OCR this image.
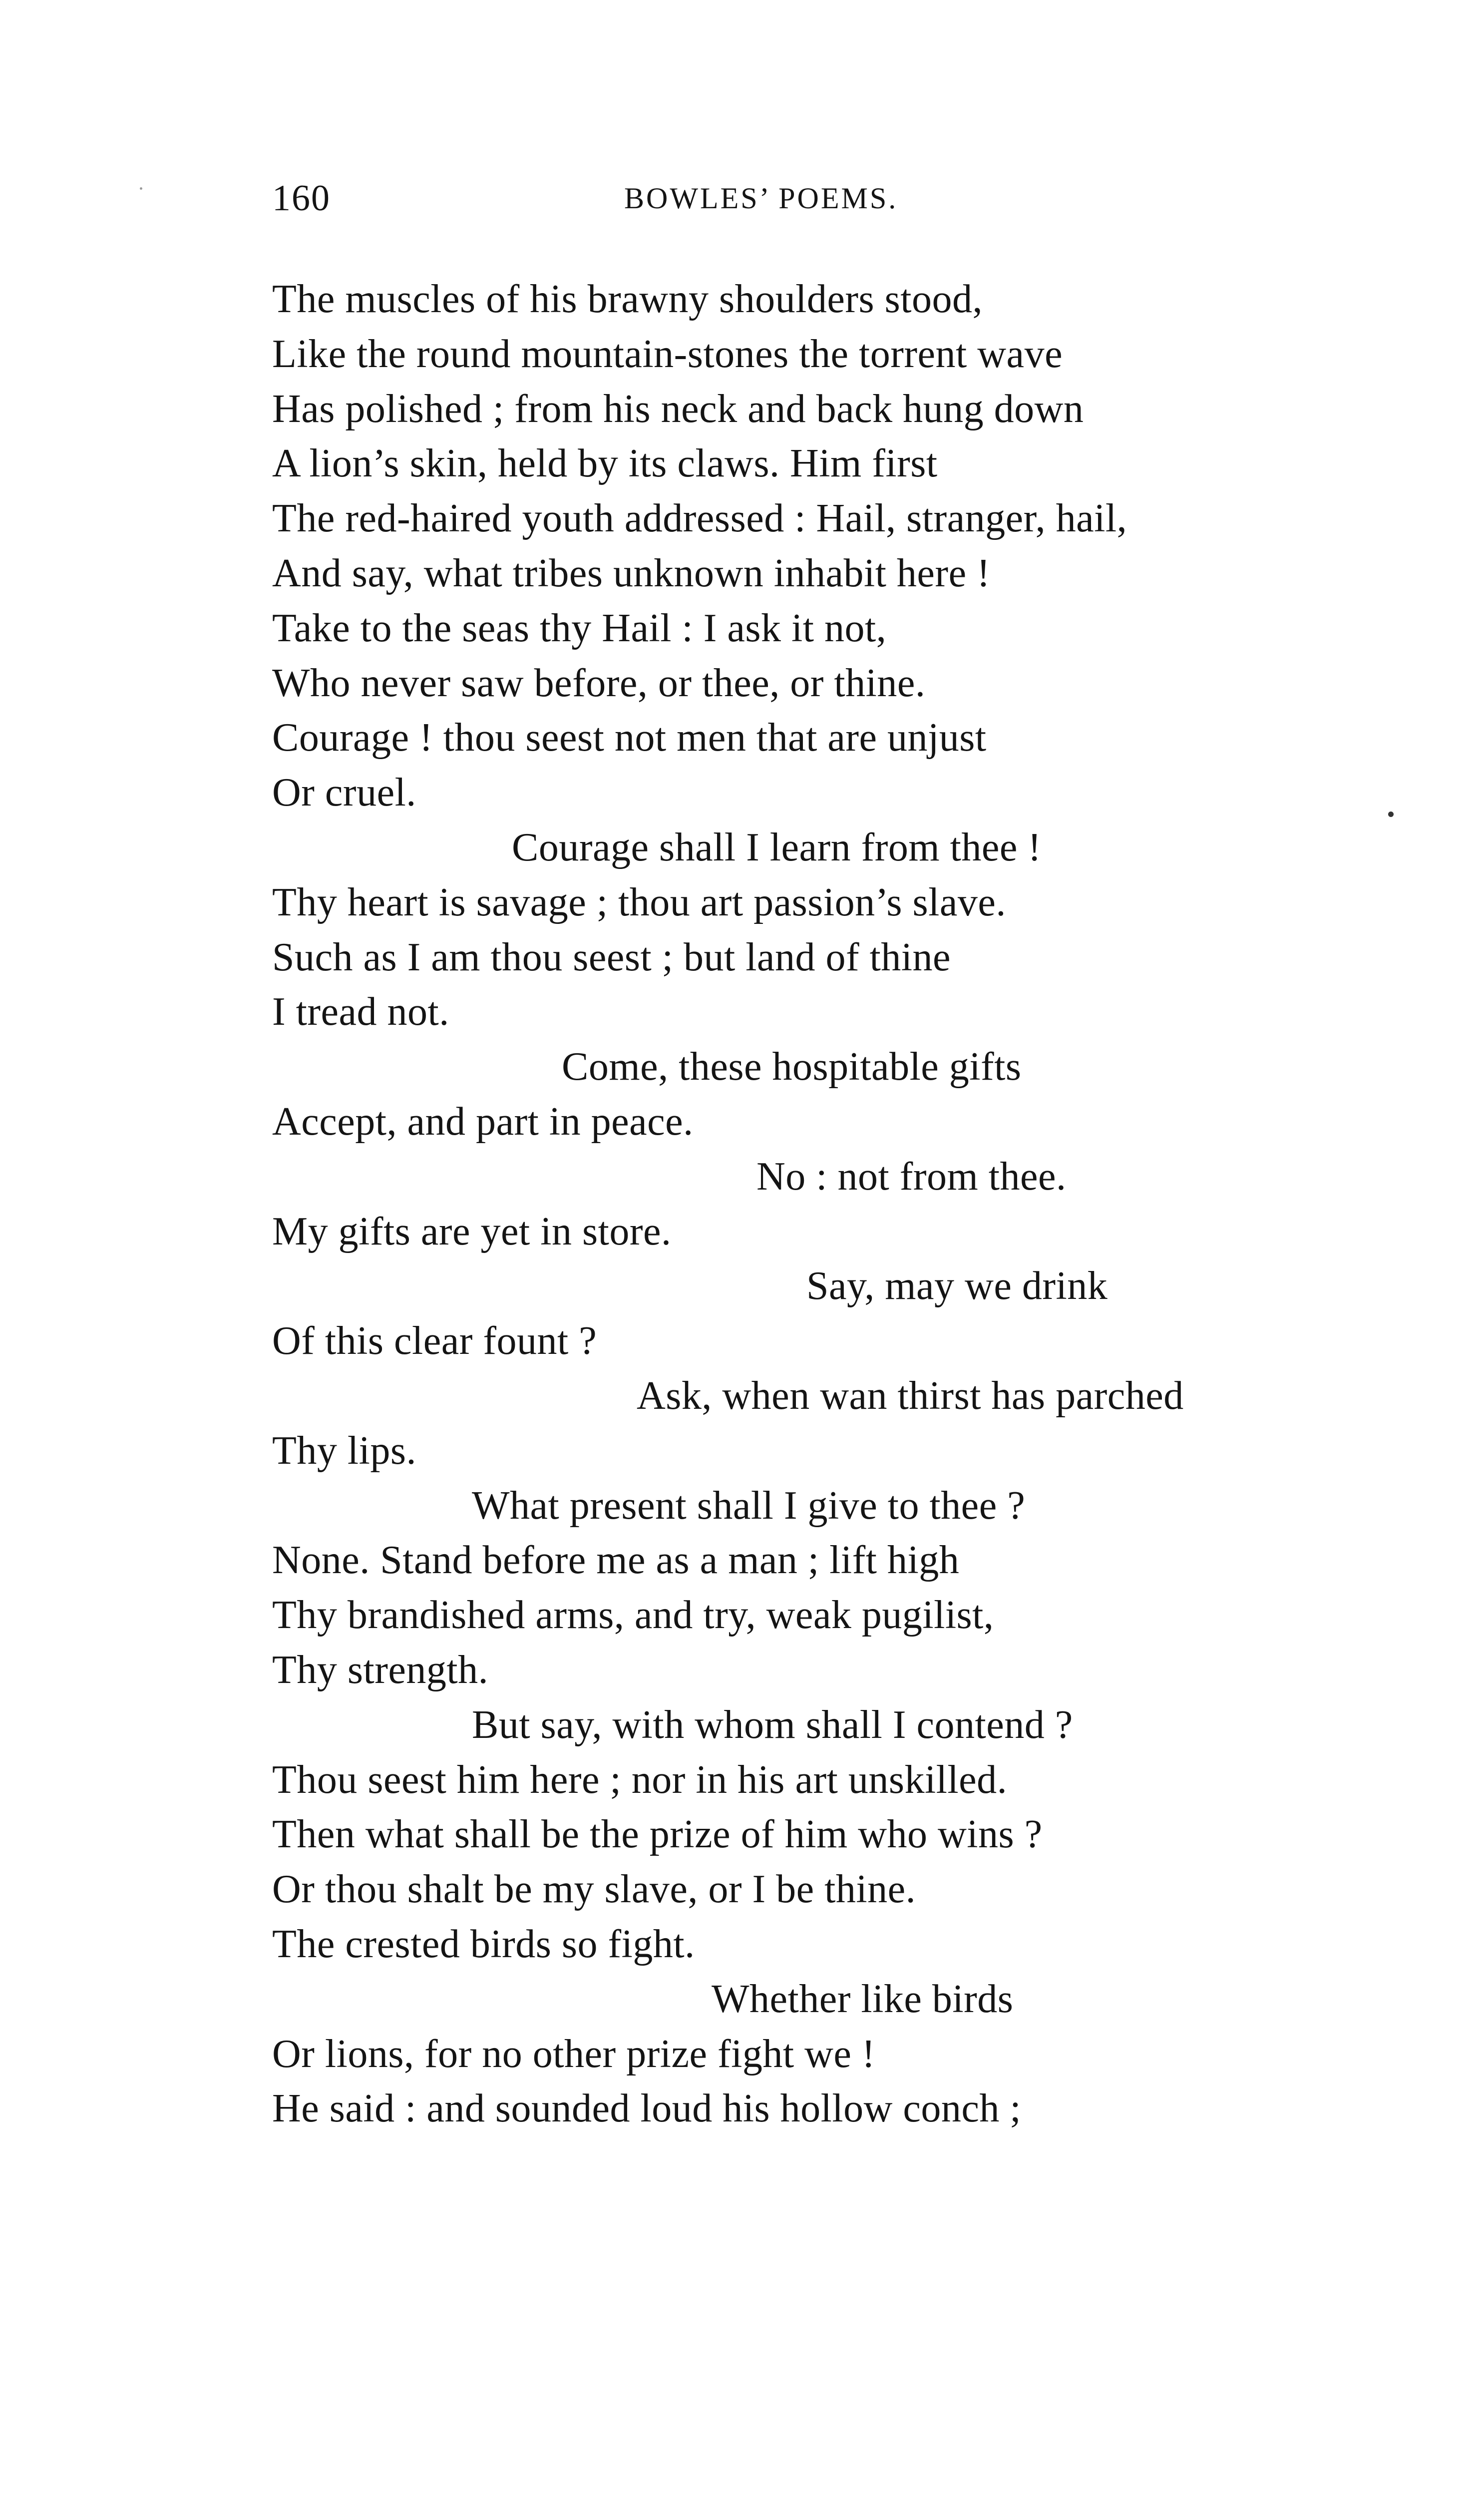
160	BOWLES’ POEMS.
The muscles of his brawny shoulders stood,
Like the round mountain-stones the torrent wave
Has polished ; from his neck and back hung down
A lion’s skin, held by its claws. Him first
The red-haired youth addressed : Hail, stranger, hail,
And say, what tribes unknown inhabit here !
Take to the seas thy Hail : I ask it not,
Who never saw before, or thee, or thine.
Courage ! thou seest not men that are unjust
Or cruel.
Courage shall I learn from thee !
Thy heart is savage ; thou art passion’s slave.
Such as I am thou seest ; but land of thine
I tread not.
Come, these hospitable gifts
Accept, and part in peace.
No : not from thee.
My gifts are yet in store.
Say, may we drink
Of this clear fount ?
Ask, when wan thirst has parched
Thy lips.
What present shall I give to thee ?
None. Stand before me as a man ; lift high
Thy brandished arms, and try, weak pugilist,
Thy strength.
But say, with whom shall I contend ?
Thou seest him here ; nor in his art unskilled.
Then what shall be the prize of him who wins ?
Or thou shalt be my slave, or I be thine.
The crested birds so fight.
Whether like birds
Or lions, for no other prize fight we !
He said : and sounded loud his hollow conch ;
